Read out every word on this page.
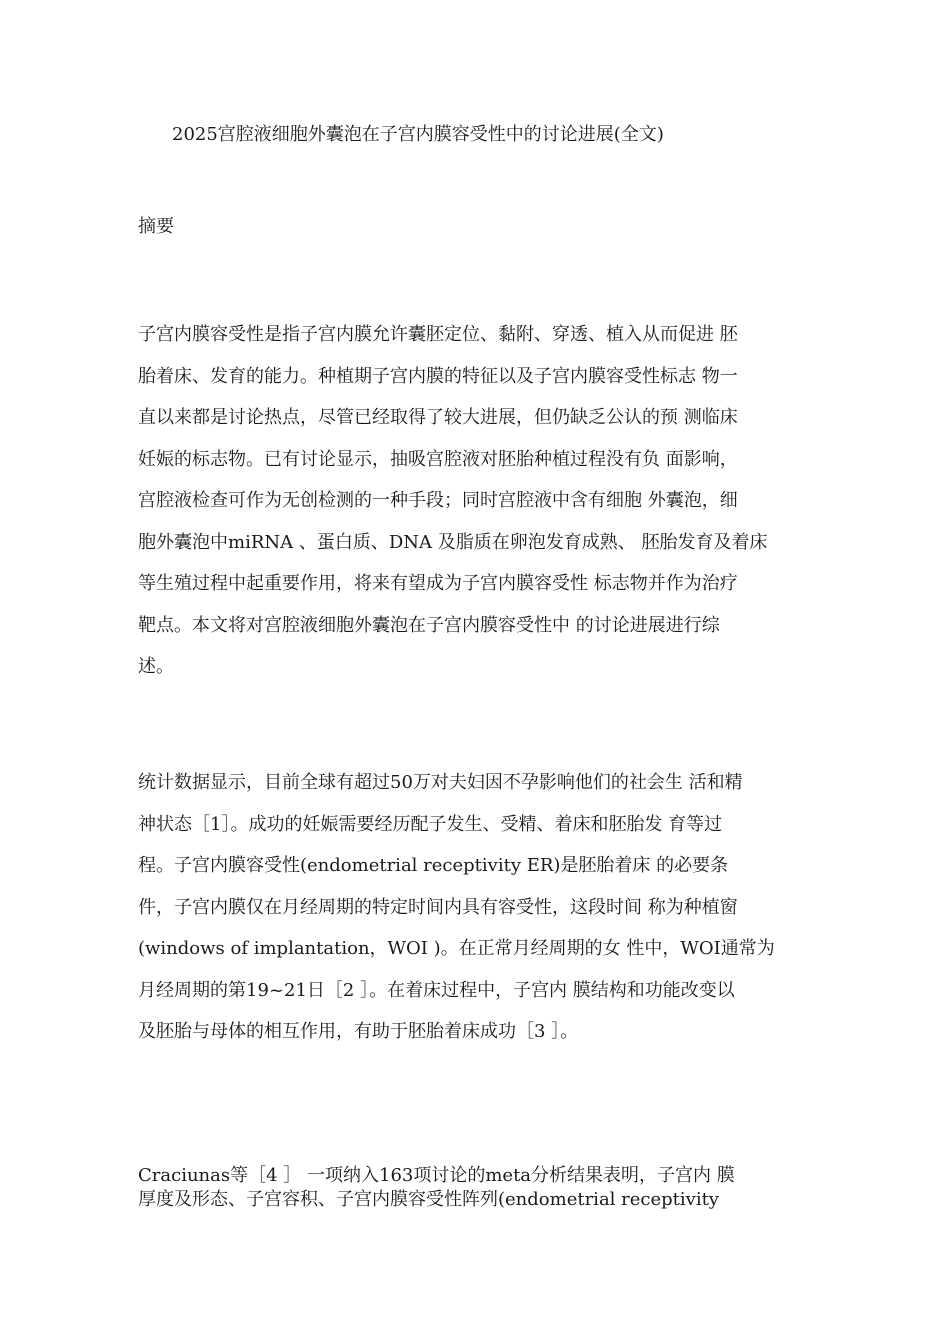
2025宫腔液细胞外囊泡在子宫内膜容受性中的讨论进展(全文)
摘要
子宫内膜容受性是指子宫内膜允许囊胚定位、黏附、穿透、植入从而促进 胚
胎着床、发育的能力。种植期子宫内膜的特征以及子宫内膜容受性标志 物一
直以来都是讨论热点，尽管已经取得了较大进展，但仍缺乏公认的预 测临床
妊娠的标志物。已有讨论显示，抽吸宫腔液对胚胎种植过程没有负 面影响，
宫腔液检查可作为无创检测的一种手段；同时宫腔液中含有细胞 外囊泡，细
胞外囊泡中miRNA 、蛋白质、DNA 及脂质在卵泡发育成熟、 胚胎发育及着床
等生殖过程中起重要作用，将来有望成为子宫内膜容受性 标志物并作为治疗
靶点。本文将对宫腔液细胞外囊泡在子宫内膜容受性中 的讨论进展进行综
述。
统计数据显示，目前全球有超过50万对夫妇因不孕影响他们的社会生 活和精
神状态［1］。成功的妊娠需要经历配子发生、受精、着床和胚胎发 育等过
程。子宫内膜容受性(endometrial receptivity ER)是胚胎着床 的必要条
件，子宫内膜仅在月经周期的特定时间内具有容受性，这段时间 称为种植窗
(windows of implantation，WOI )。在正常月经周期的女 性中，WOI通常为
月经周期的第19~21日［2 ］。在着床过程中，子宫内 膜结构和功能改变以
及胚胎与母体的相互作用，有助于胚胎着床成功［3 ］。
Craciunas等［4 ］ 一项纳入163项讨论的meta分析结果表明，子宫内 膜
厚度及形态、子宫容积、子宫内膜容受性阵列(endometrial receptivity
